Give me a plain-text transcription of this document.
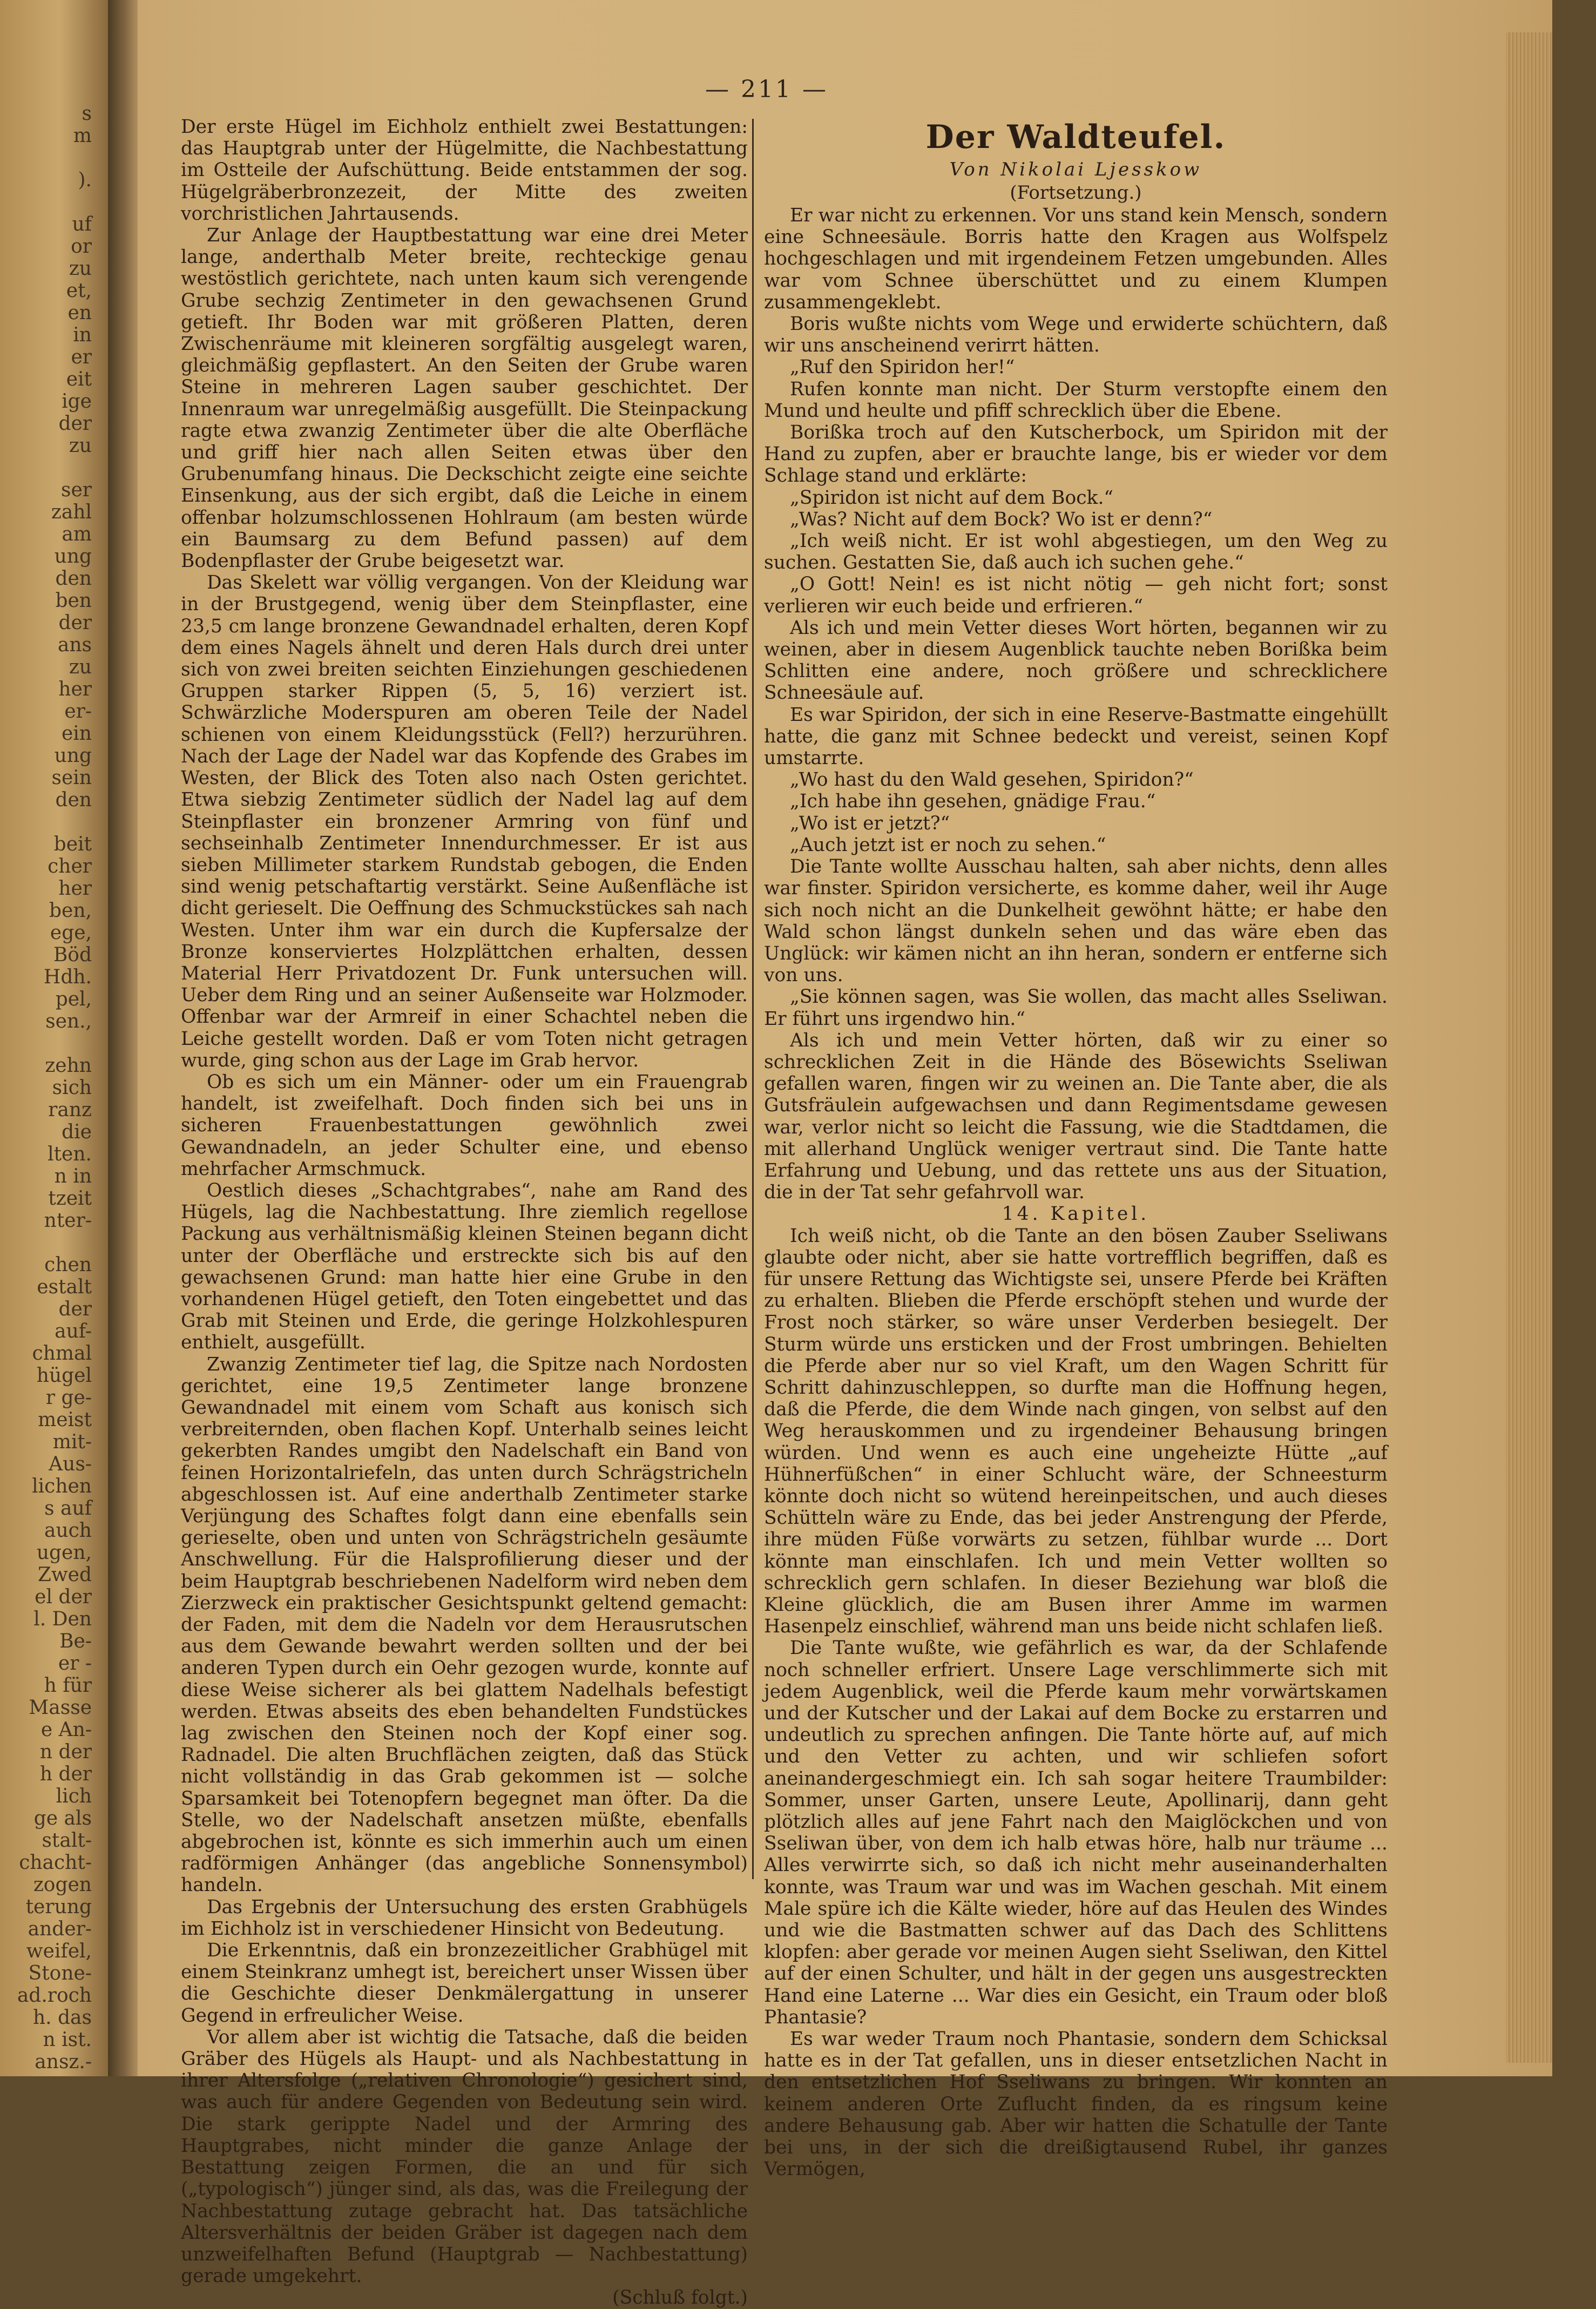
s
m

).

uf
or
zu
et,
en
in
er
eit
ige
der
zu

ser
zahl
am
ung
den
ben
der
ans
zu
her
er-
ein
ung
sein
den

beit
cher
her
ben,
ege,
Böd
Hdh.
pel,
sen.,

zehn
sich
ranz
die
lten.
n in
tzeit
nter-

chen
estalt
der
auf-
chmal
hügel
r ge-
meist
mit-
Aus-
lichen
s auf
auch
ugen,
Zwed
el der
l. Den
Be-
er -
h für
Masse
e An-
n der
h der
lich
ge als
stalt-
chacht-
zogen
terung
ander-
weifel,
Stone-
ad.roch
h. das
n ist.
ansz.-
— 211 —

Der erste Hügel im Eichholz enthielt zwei Bestattungen: das Hauptgrab unter der Hügelmitte, die Nachbestattung im Ostteile der Aufschüttung. Beide entstammen der sog. Hügelgräberbronzezeit, der Mitte des zweiten vorchristlichen Jahrtausends.

Zur Anlage der Hauptbestattung war eine drei Meter lange, anderthalb Meter breite, rechteckige genau westöstlich gerichtete, nach unten kaum sich verengende Grube sechzig Zentimeter in den gewachsenen Grund getieft. Ihr Boden war mit größeren Platten, deren Zwischenräume mit kleineren sorgfältig ausgelegt waren, gleichmäßig gepflastert. An den Seiten der Grube waren Steine in mehreren Lagen sauber geschichtet. Der Innenraum war unregelmäßig ausgefüllt. Die Steinpackung ragte etwa zwanzig Zentimeter über die alte Oberfläche und griff hier nach allen Seiten etwas über den Grubenumfang hinaus. Die Deckschicht zeigte eine seichte Einsenkung, aus der sich ergibt, daß die Leiche in einem offenbar holzumschlossenen Hohlraum (am besten würde ein Baumsarg zu dem Befund passen) auf dem Bodenpflaster der Grube beigesetzt war.

Das Skelett war völlig vergangen. Von der Kleidung war in der Brustgegend, wenig über dem Steinpflaster, eine 23,5 cm lange bronzene Gewandnadel erhalten, deren Kopf dem eines Nagels ähnelt und deren Hals durch drei unter sich von zwei breiten seichten Einziehungen geschiedenen Gruppen starker Rippen (5, 5, 16) verziert ist. Schwärzliche Moderspuren am oberen Teile der Nadel schienen von einem Kleidungsstück (Fell?) herzurühren. Nach der Lage der Nadel war das Kopfende des Grabes im Westen, der Blick des Toten also nach Osten gerichtet. Etwa siebzig Zentimeter südlich der Nadel lag auf dem Steinpflaster ein bronzener Armring von fünf und sechseinhalb Zentimeter Innendurchmesser. Er ist aus sieben Millimeter starkem Rundstab gebogen, die Enden sind wenig petschaftartig verstärkt. Seine Außenfläche ist dicht gerieselt. Die Oeffnung des Schmuckstückes sah nach Westen. Unter ihm war ein durch die Kupfersalze der Bronze konserviertes Holzplättchen erhalten, dessen Material Herr Privatdozent Dr. Funk untersuchen will. Ueber dem Ring und an seiner Außenseite war Holzmoder. Offenbar war der Armreif in einer Schachtel neben die Leiche gestellt worden. Daß er vom Toten nicht getragen wurde, ging schon aus der Lage im Grab hervor.

Ob es sich um ein Männer- oder um ein Frauengrab handelt, ist zweifelhaft. Doch finden sich bei uns in sicheren Frauenbestattungen gewöhnlich zwei Gewandnadeln, an jeder Schulter eine, und ebenso mehrfacher Armschmuck.

Oestlich dieses „Schachtgrabes“, nahe am Rand des Hügels, lag die Nachbestattung. Ihre ziemlich regellose Packung aus verhältnismäßig kleinen Steinen begann dicht unter der Oberfläche und erstreckte sich bis auf den gewachsenen Grund: man hatte hier eine Grube in den vorhandenen Hügel getieft, den Toten eingebettet und das Grab mit Steinen und Erde, die geringe Holzkohlespuren enthielt, ausgefüllt.

Zwanzig Zentimeter tief lag, die Spitze nach Nordosten gerichtet, eine 19,5 Zentimeter lange bronzene Gewandnadel mit einem vom Schaft aus konisch sich verbreiternden, oben flachen Kopf. Unterhalb seines leicht gekerbten Randes umgibt den Nadelschaft ein Band von feinen Horizontalriefeln, das unten durch Schrägstricheln abgeschlossen ist. Auf eine anderthalb Zentimeter starke Verjüngung des Schaftes folgt dann eine ebenfalls sein gerieselte, oben und unten von Schrägstricheln gesäumte Anschwellung. Für die Halsprofilierung dieser und der beim Hauptgrab beschriebenen Nadelform wird neben dem Zierzweck ein praktischer Gesichtspunkt geltend gemacht: der Faden, mit dem die Nadeln vor dem Herausrutschen aus dem Gewande bewahrt werden sollten und der bei anderen Typen durch ein Oehr gezogen wurde, konnte auf diese Weise sicherer als bei glattem Nadelhals befestigt werden. Etwas abseits des eben behandelten Fundstückes lag zwischen den Steinen noch der Kopf einer sog. Radnadel. Die alten Bruchflächen zeigten, daß das Stück nicht vollständig in das Grab gekommen ist — solche Sparsamkeit bei Totenopfern begegnet man öfter. Da die Stelle, wo der Nadelschaft ansetzen müßte, ebenfalls abgebrochen ist, könnte es sich immerhin auch um einen radförmigen Anhänger (das angebliche Sonnensymbol) handeln.

Das Ergebnis der Untersuchung des ersten Grabhügels im Eichholz ist in verschiedener Hinsicht von Bedeutung.

Die Erkenntnis, daß ein bronzezeitlicher Grabhügel mit einem Steinkranz umhegt ist, bereichert unser Wissen über die Geschichte dieser Denkmälergattung in unserer Gegend in erfreulicher Weise.

Vor allem aber ist wichtig die Tatsache, daß die beiden Gräber des Hügels als Haupt- und als Nachbestattung in ihrer Altersfolge („relativen Chronologie“) gesichert sind, was auch für andere Gegenden von Bedeutung sein wird. Die stark gerippte Nadel und der Armring des Hauptgrabes, nicht minder die ganze Anlage der Bestattung zeigen Formen, die an und für sich („typologisch“) jünger sind, als das, was die Freilegung der Nachbestattung zutage gebracht hat. Das tatsächliche Altersverhältnis der beiden Gräber ist dagegen nach dem unzweifelhaften Befund (Hauptgrab — Nachbestattung) gerade umgekehrt.

(Schluß folgt.)

Der Waldteufel.
Von Nikolai Ljesskow
(Fortsetzung.)

Er war nicht zu erkennen. Vor uns stand kein Mensch, sondern eine Schneesäule. Borris hatte den Kragen aus Wolfspelz hochgeschlagen und mit irgendeinem Fetzen umgebunden. Alles war vom Schnee überschüttet und zu einem Klumpen zusammengeklebt.

Boris wußte nichts vom Wege und erwiderte schüchtern, daß wir uns anscheinend verirrt hätten.

„Ruf den Spiridon her!“

Rufen konnte man nicht. Der Sturm verstopfte einem den Mund und heulte und pfiff schrecklich über die Ebene.

Borißka troch auf den Kutscherbock, um Spiridon mit der Hand zu zupfen, aber er brauchte lange, bis er wieder vor dem Schlage stand und erklärte:

„Spiridon ist nicht auf dem Bock.“

„Was? Nicht auf dem Bock? Wo ist er denn?“

„Ich weiß nicht. Er ist wohl abgestiegen, um den Weg zu suchen. Gestatten Sie, daß auch ich suchen gehe.“

„O Gott! Nein! es ist nicht nötig — geh nicht fort; sonst verlieren wir euch beide und erfrieren.“

Als ich und mein Vetter dieses Wort hörten, begannen wir zu weinen, aber in diesem Augenblick tauchte neben Borißka beim Schlitten eine andere, noch größere und schrecklichere Schneesäule auf.

Es war Spiridon, der sich in eine Reserve-Bastmatte eingehüllt hatte, die ganz mit Schnee bedeckt und vereist, seinen Kopf umstarrte.

„Wo hast du den Wald gesehen, Spiridon?“

„Ich habe ihn gesehen, gnädige Frau.“

„Wo ist er jetzt?“

„Auch jetzt ist er noch zu sehen.“

Die Tante wollte Ausschau halten, sah aber nichts, denn alles war finster. Spiridon versicherte, es komme daher, weil ihr Auge sich noch nicht an die Dunkelheit gewöhnt hätte; er habe den Wald schon längst dunkeln sehen und das wäre eben das Unglück: wir kämen nicht an ihn heran, sondern er entferne sich von uns.

„Sie können sagen, was Sie wollen, das macht alles Sseliwan. Er führt uns irgendwo hin.“

Als ich und mein Vetter hörten, daß wir zu einer so schrecklichen Zeit in die Hände des Bösewichts Sseliwan gefallen waren, fingen wir zu weinen an. Die Tante aber, die als Gutsfräulein aufgewachsen und dann Regimentsdame gewesen war, verlor nicht so leicht die Fassung, wie die Stadtdamen, die mit allerhand Unglück weniger vertraut sind. Die Tante hatte Erfahrung und Uebung, und das rettete uns aus der Situation, die in der Tat sehr gefahrvoll war.

14. Kapitel.

Ich weiß nicht, ob die Tante an den bösen Zauber Sseliwans glaubte oder nicht, aber sie hatte vortrefflich begriffen, daß es für unsere Rettung das Wichtigste sei, unsere Pferde bei Kräften zu erhalten. Blieben die Pferde erschöpft stehen und wurde der Frost noch stärker, so wäre unser Verderben besiegelt. Der Sturm würde uns ersticken und der Frost umbringen. Behielten die Pferde aber nur so viel Kraft, um den Wagen Schritt für Schritt dahinzuschleppen, so durfte man die Hoffnung hegen, daß die Pferde, die dem Winde nach gingen, von selbst auf den Weg herauskommen und zu irgendeiner Behausung bringen würden. Und wenn es auch eine ungeheizte Hütte „auf Hühnerfüßchen“ in einer Schlucht wäre, der Schneesturm könnte doch nicht so wütend hereinpeitschen, und auch dieses Schütteln wäre zu Ende, das bei jeder Anstrengung der Pferde, ihre müden Füße vorwärts zu setzen, fühlbar wurde ... Dort könnte man einschlafen. Ich und mein Vetter wollten so schrecklich gern schlafen. In dieser Beziehung war bloß die Kleine glücklich, die am Busen ihrer Amme im warmen Hasenpelz einschlief, während man uns beide nicht schlafen ließ.

Die Tante wußte, wie gefährlich es war, da der Schlafende noch schneller erfriert. Unsere Lage verschlimmerte sich mit jedem Augenblick, weil die Pferde kaum mehr vorwärtskamen und der Kutscher und der Lakai auf dem Bocke zu erstarren und undeutlich zu sprechen anfingen. Die Tante hörte auf, auf mich und den Vetter zu achten, und wir schliefen sofort aneinandergeschmiegt ein. Ich sah sogar heitere Traumbilder: Sommer, unser Garten, unsere Leute, Apollinarij, dann geht plötzlich alles auf jene Fahrt nach den Maiglöckchen und von Sseliwan über, von dem ich halb etwas höre, halb nur träume ... Alles verwirrte sich, so daß ich nicht mehr auseinanderhalten konnte, was Traum war und was im Wachen geschah. Mit einem Male spüre ich die Kälte wieder, höre auf das Heulen des Windes und wie die Bastmatten schwer auf das Dach des Schlittens klopfen: aber gerade vor meinen Augen sieht Sseliwan, den Kittel auf der einen Schulter, und hält in der gegen uns ausgestreckten Hand eine Laterne ... War dies ein Gesicht, ein Traum oder bloß Phantasie?

Es war weder Traum noch Phantasie, sondern dem Schicksal hatte es in der Tat gefallen, uns in dieser entsetzlichen Nacht in den entsetzlichen Hof Sseliwans zu bringen. Wir konnten an keinem anderen Orte Zuflucht finden, da es ringsum keine andere Behausung gab. Aber wir hatten die Schatulle der Tante bei uns, in der sich die dreißigtausend Rubel, ihr ganzes Vermögen,
